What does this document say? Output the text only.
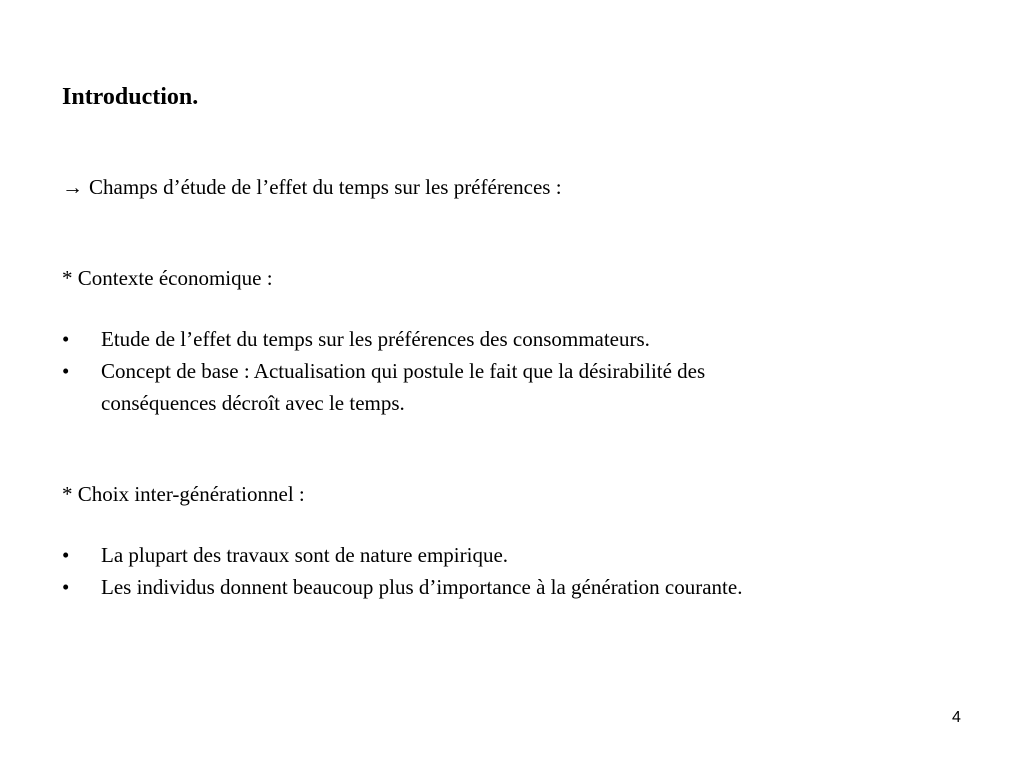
Introduction.
→ Champs d’étude de l’effet du temps sur les préférences :
* Contexte économique :
• Etude de l’effet du temps sur les préférences des consommateurs.
• Concept de base : Actualisation qui postule le fait que la désirabilité des
conséquences décroît avec le temps.
* Choix inter-générationnel :
• La plupart des travaux sont de nature empirique.
• Les individus donnent beaucoup plus d’importance à la génération courante.
4
